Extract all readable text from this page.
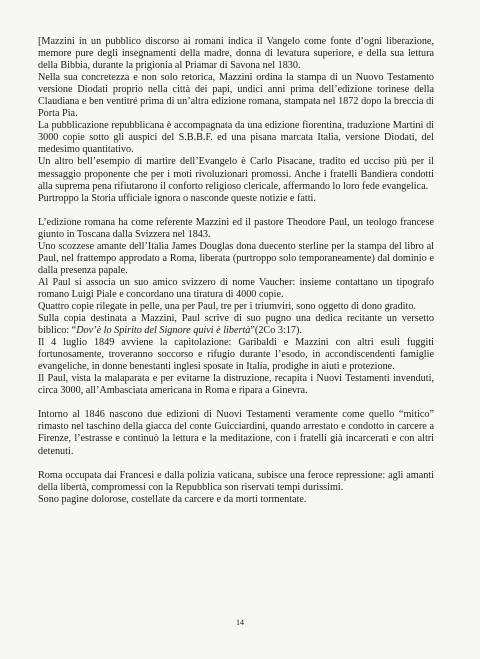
[Mazzini in un pubblico discorso ai romani indica il Vangelo come fonte d’ogni liberazione, memore pure degli insegnamenti della madre, donna di levatura superiore, e della sua lettura della Bibbia, durante la prigionia al Priamar di Savona nel 1830.

Nella sua concretezza e non solo retorica, Mazzini ordina la stampa di un Nuovo Testamento versione Diodati proprio nella città dei papi, undici anni prima dell’edizione torinese della Claudiana e ben ventitré prima di un’altra edizione romana, stampata nel 1872 dopo la breccia di Porta Pia.

La pubblicazione repubblicana è accompagnata da una edizione fiorentina, traduzione Martini di 3000 copie sotto gli auspici del S.B.B.F. ed una pisana marcata Italia, versione Diodati, del medesimo quantitativo.

Un altro bell’esempio di martire dell’Evangelo è Carlo Pisacane, tradito ed ucciso più per il messaggio proponente che per i moti rivoluzionari promossi. Anche i fratelli Bandiera condotti alla suprema pena rifiutarono il conforto religioso clericale, affermando lo loro fede evangelica.

Purtroppo la Storia ufficiale ignora o nasconde queste notizie e fatti.

L’edizione romana ha come referente Mazzini ed il pastore Theodore Paul, un teologo francese giunto in Toscana dalla Svizzera nel 1843.

Uno scozzese amante dell’Italia James Douglas dona duecento sterline per la stampa del libro al Paul, nel frattempo approdato a Roma, liberata (purtroppo solo temporaneamente) dal dominio e dalla presenza papale.

Al Paul si associa un suo amico svizzero di nome Vaucher: insieme contattano un tipografo romano Luigi Piale e concordano una tiratura di 4000 copie.

Quattro copie rilegate in pelle, una per Paul, tre per i triumviri, sono oggetto di dono gradito.

Sulla copia destinata a Mazzini, Paul scrive di suo pugno una dedica recitante un versetto biblico: “Dov’è lo Spirito del Signore quivi è libertà”(2Co 3:17).

Il 4 luglio 1849 avviene la capitolazione: Garibaldi e Mazzini con altri esuli fuggiti fortunosamente, troveranno soccorso e rifugio durante l’esodo, in accondiscendenti famiglie evangeliche, in donne benestanti inglesi sposate in Italia, prodighe in aiuti e protezione.

Il Paul, vista la malaparata e per evitarne la distruzione, recapita i Nuovi Testamenti invenduti, circa 3000, all’Ambasciata americana in Roma e ripara a Ginevra.

Intorno al 1846 nascono due edizioni di Nuovi Testamenti veramente come quello “mitico” rimasto nel taschino della giacca del conte Guicciardini, quando arrestato e condotto in carcere a Firenze, l’estrasse e continuò la lettura e la meditazione, con i fratelli già incarcerati e con altri detenuti.

Roma occupata dai Francesi e dalla polizia vaticana, subisce una feroce repressione: agli amanti della libertà, compromessi con la Repubblica son riservati tempi durissimi.

Sono pagine dolorose, costellate da carcere e da morti tormentate.

14
